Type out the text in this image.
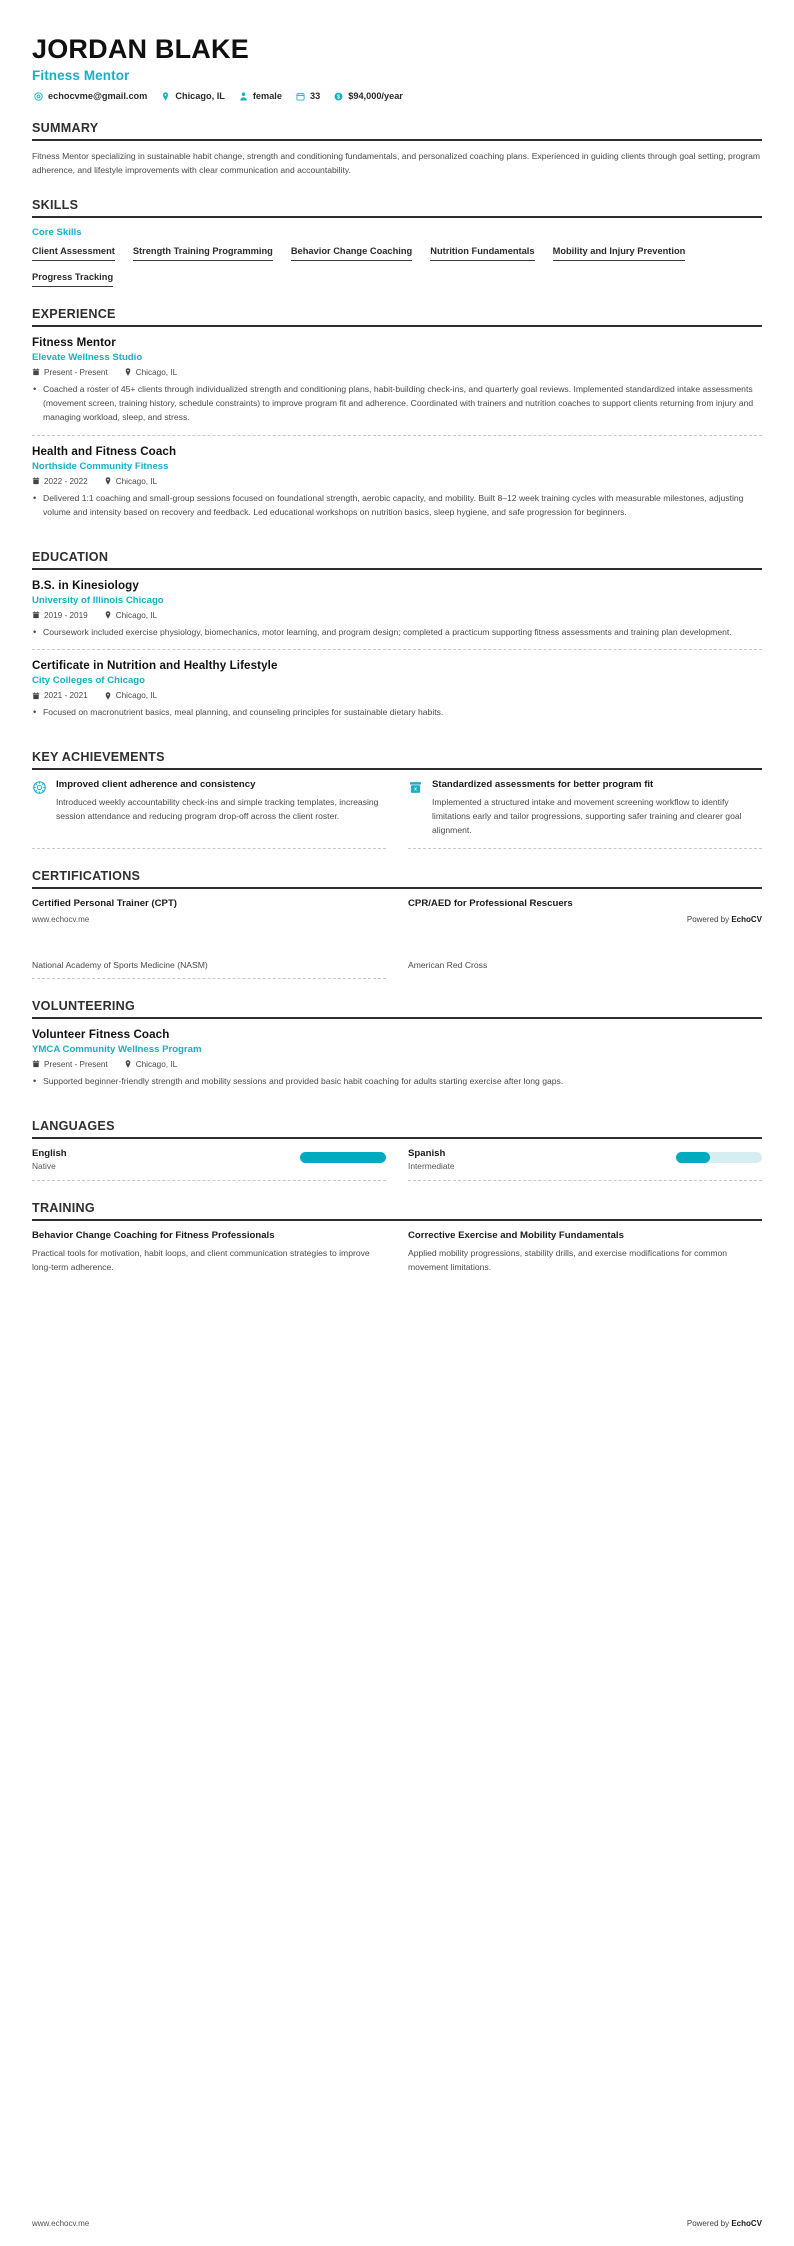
JORDAN BLAKE
Fitness Mentor
echocvme@gmail.com	Chicago, IL	female	33 $ $94,000/year
SUMMARY
Fitness Mentor specializing in sustainable habit change, strength and conditioning fundamentals, and personalized coaching plans. Experienced in guiding clients through goal setting, program adherence, and lifestyle improvements with clear communication and accountability.
SKILLS
Core Skills
Client Assessment Strength Training Programming Behavior Change Coaching Nutrition Fundamentals Mobility and Injury Prevention
Progress Tracking
EXPERIENCE
Fitness Mentor
Elevate Wellness Studio
Present - Present	Chicago, IL
• Coached a roster of 45+ clients through individualized strength and conditioning plans, habit-building check-ins, and quarterly goal reviews. Implemented standardized intake assessments (movement screen, training history, schedule constraints) to improve program fit and adherence. Coordinated with trainers and nutrition coaches to support clients returning from injury and managing workload, sleep, and stress.
Health and Fitness Coach
Northside Community Fitness
2022 - 2022	Chicago, IL
• Delivered 1:1 coaching and small-group sessions focused on foundational strength, aerobic capacity, and mobility. Built 8–12 week training cycles with measurable milestones, adjusting volume and intensity based on recovery and feedback. Led educational workshops on nutrition basics, sleep hygiene, and safe progression for beginners.
EDUCATION
B.S. in Kinesiology
University of Illinois Chicago
2019 - 2019	Chicago, IL
• Coursework included exercise physiology, biomechanics, motor learning, and program design; completed a practicum supporting fitness assessments and training plan development.
Certificate in Nutrition and Healthy Lifestyle
City Colleges of Chicago
2021 - 2021	Chicago, IL
• Focused on macronutrient basics, meal planning, and counseling principles for sustainable dietary habits.
KEY ACHIEVEMENTS
Improved client adherence and consistency
Introduced weekly accountability check-ins and simple tracking templates, increasing session attendance and reducing program drop-off across the client roster.
x Standardized assessments for better program fit
Implemented a structured intake and movement screening workflow to identify limitations early and tailor progressions, supporting safer training and clearer goal alignment.
CERTIFICATIONS
Certified Personal Trainer (CPT)	CPR/AED for Professional Rescuers
www.echocv.me	Powered by EchoCV
National Academy of Sports Medicine (NASM)	American Red Cross
VOLUNTEERING
Volunteer Fitness Coach
YMCA Community Wellness Program
Present - Present	Chicago, IL
• Supported beginner-friendly strength and mobility sessions and provided basic habit coaching for adults starting exercise after long gaps.
LANGUAGES
English
Native
Spanish
Intermediate
TRAINING
Behavior Change Coaching for Fitness Professionals
Practical tools for motivation, habit loops, and client communication strategies to improve long-term adherence.
Corrective Exercise and Mobility Fundamentals
Applied mobility progressions, stability drills, and exercise modifications for common movement limitations.
www.echocv.me	Powered by EchoCV
